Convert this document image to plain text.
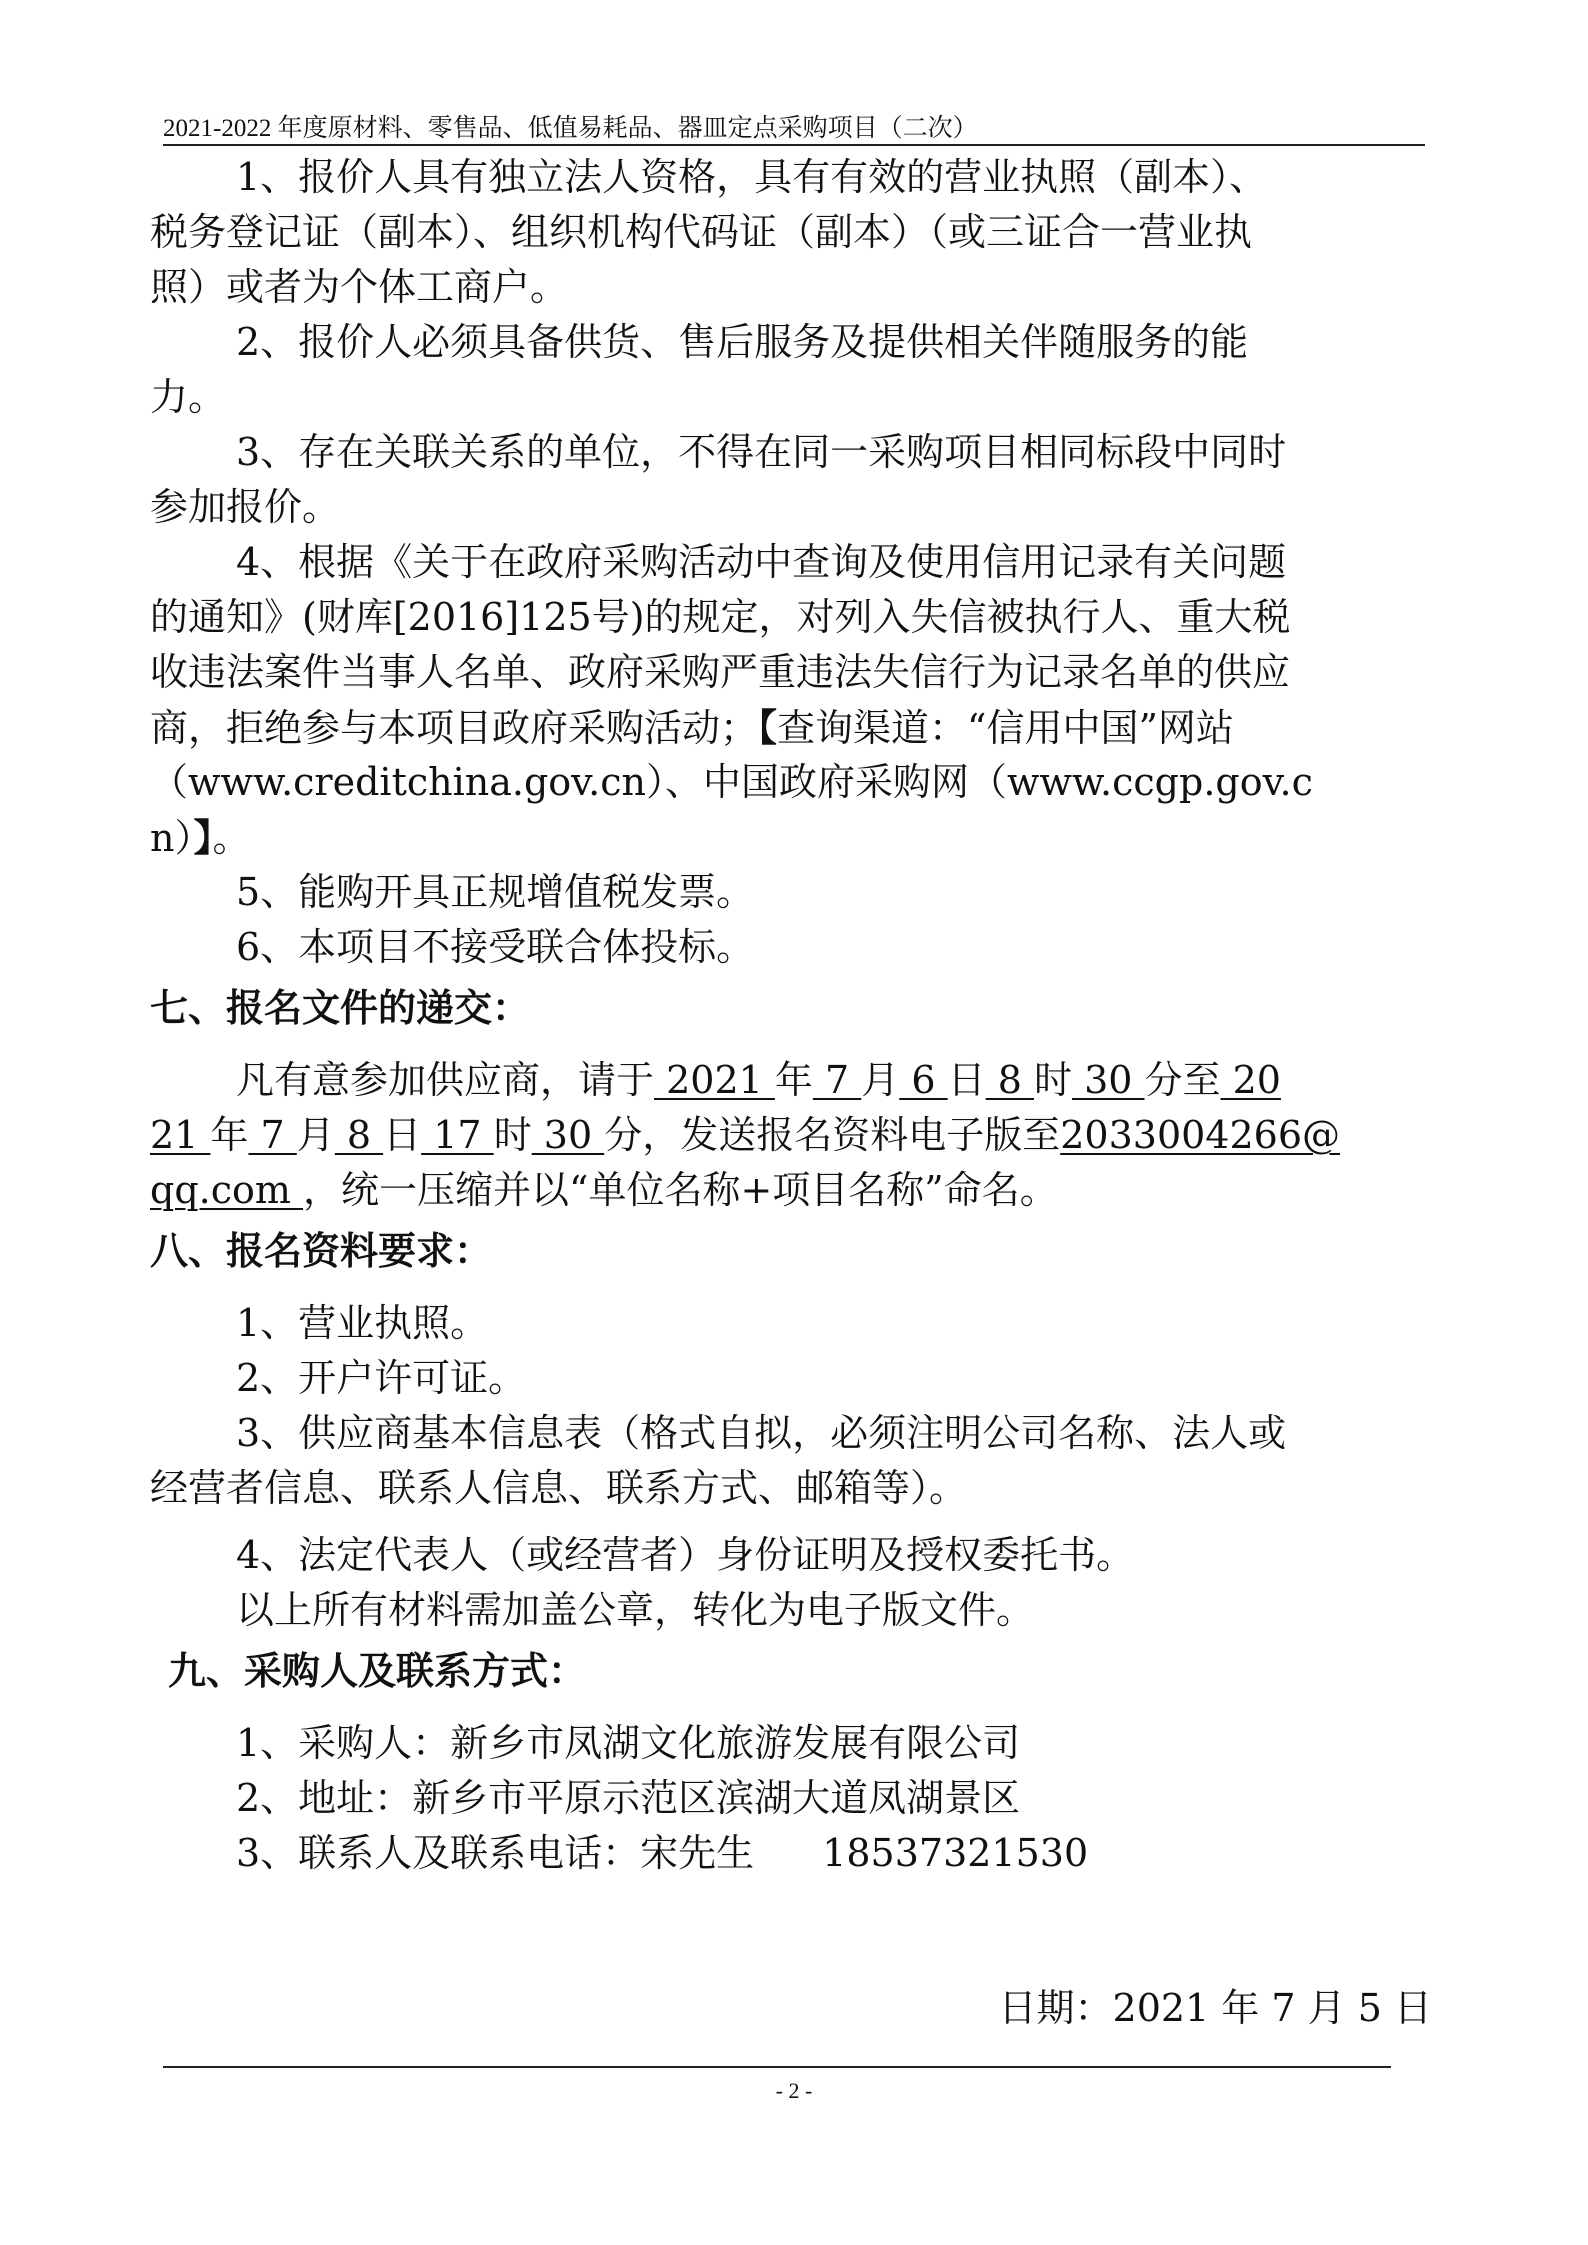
2021-2022 年度原材料、零售品、低值易耗品、器皿定点采购项目（二次）
1、报价人具有独立法人资格，具有有效的营业执照（副本）、
税务登记证（副本）、组织机构代码证（副本）（或三证合一营业执
照）或者为个体工商户。
2、报价人必须具备供货、售后服务及提供相关伴随服务的能
力。
3、存在关联关系的单位，不得在同一采购项目相同标段中同时
参加报价。
4、根据《关于在政府采购活动中查询及使用信用记录有关问题
的通知》(财库[2016]125号)的规定，对列入失信被执行人、重大税
收违法案件当事人名单、政府采购严重违法失信行为记录名单的供应
商，拒绝参与本项目政府采购活动；【查询渠道：“信用中国”网站
（www.creditchina.gov.cn）、中国政府采购网（www.ccgp.gov.c
n）】。
5、能购开具正规增值税发票。
6、本项目不接受联合体投标。
七、报名文件的递交：
凡有意参加供应商，请于 2021 年 7 月 6 日 8 时 30 分至 20
21 年 7 月 8 日 17 时 30 分，发送报名资料电子版至2033004266@
qq.com ，统一压缩并以“单位名称+项目名称”命名。
八、报名资料要求：
1、营业执照。
2、开户许可证。
3、供应商基本信息表（格式自拟，必须注明公司名称、法人或
经营者信息、联系人信息、联系方式、邮箱等）。
4、法定代表人（或经营者）身份证明及授权委托书。
以上所有材料需加盖公章，转化为电子版文件。
九、采购人及联系方式：
1、采购人：新乡市凤湖文化旅游发展有限公司
2、地址：新乡市平原示范区滨湖大道凤湖景区
3、联系人及联系电话：宋先生 18537321530
日期：2021 年 7 月 5 日
- 2 -
